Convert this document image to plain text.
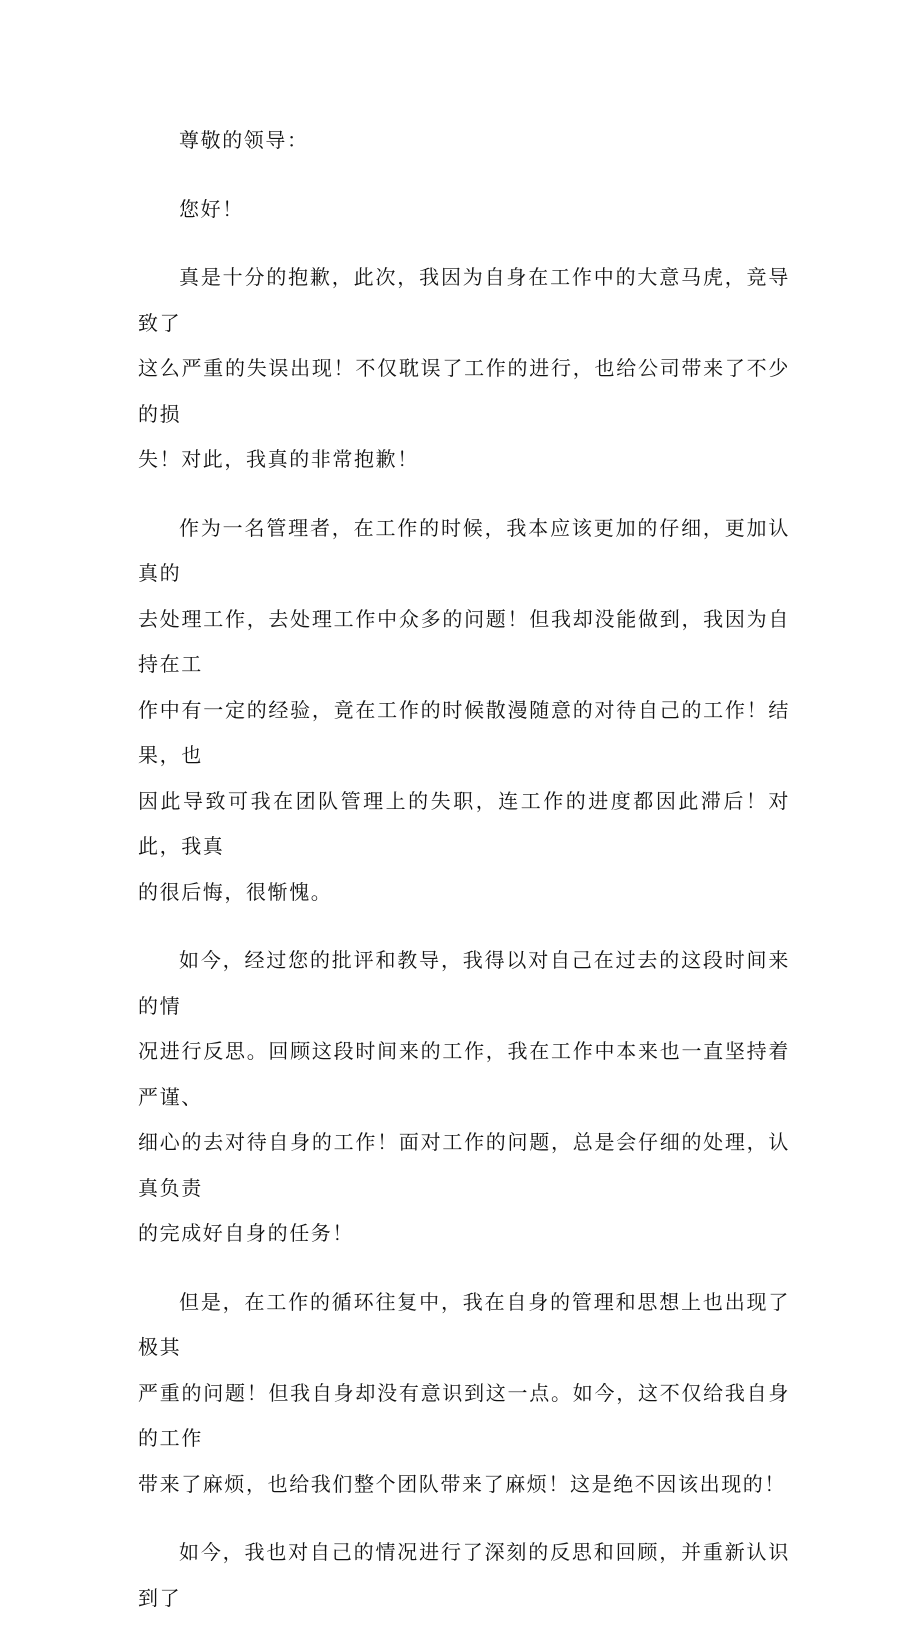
尊敬的领导：

您好！

真是十分的抱歉，此次，我因为自身在工作中的大意马虎，竞导致了
这么严重的失误出现！不仅耽误了工作的进行，也给公司带来了不少的损
失！对此，我真的非常抱歉！

作为一名管理者，在工作的时候，我本应该更加的仔细，更加认真的
去处理工作，去处理工作中众多的问题！但我却没能做到，我因为自持在工
作中有一定的经验，竟在工作的时候散漫随意的对待自己的工作！结果，也
因此导致可我在团队管理上的失职，连工作的进度都因此滞后！对此，我真
的很后悔，很惭愧。

如今，经过您的批评和教导，我得以对自己在过去的这段时间来的情
况进行反思。回顾这段时间来的工作，我在工作中本来也一直坚持着严谨、
细心的去对待自身的工作！面对工作的问题，总是会仔细的处理，认真负责
的完成好自身的任务！

但是，在工作的循环往复中，我在自身的管理和思想上也出现了极其
严重的问题！但我自身却没有意识到这一点。如今，这不仅给我自身的工作
带来了麻烦，也给我们整个团队带来了麻烦！这是绝不因该出现的！

如今，我也对自己的情况进行了深刻的反思和回顾，并重新认识到了
